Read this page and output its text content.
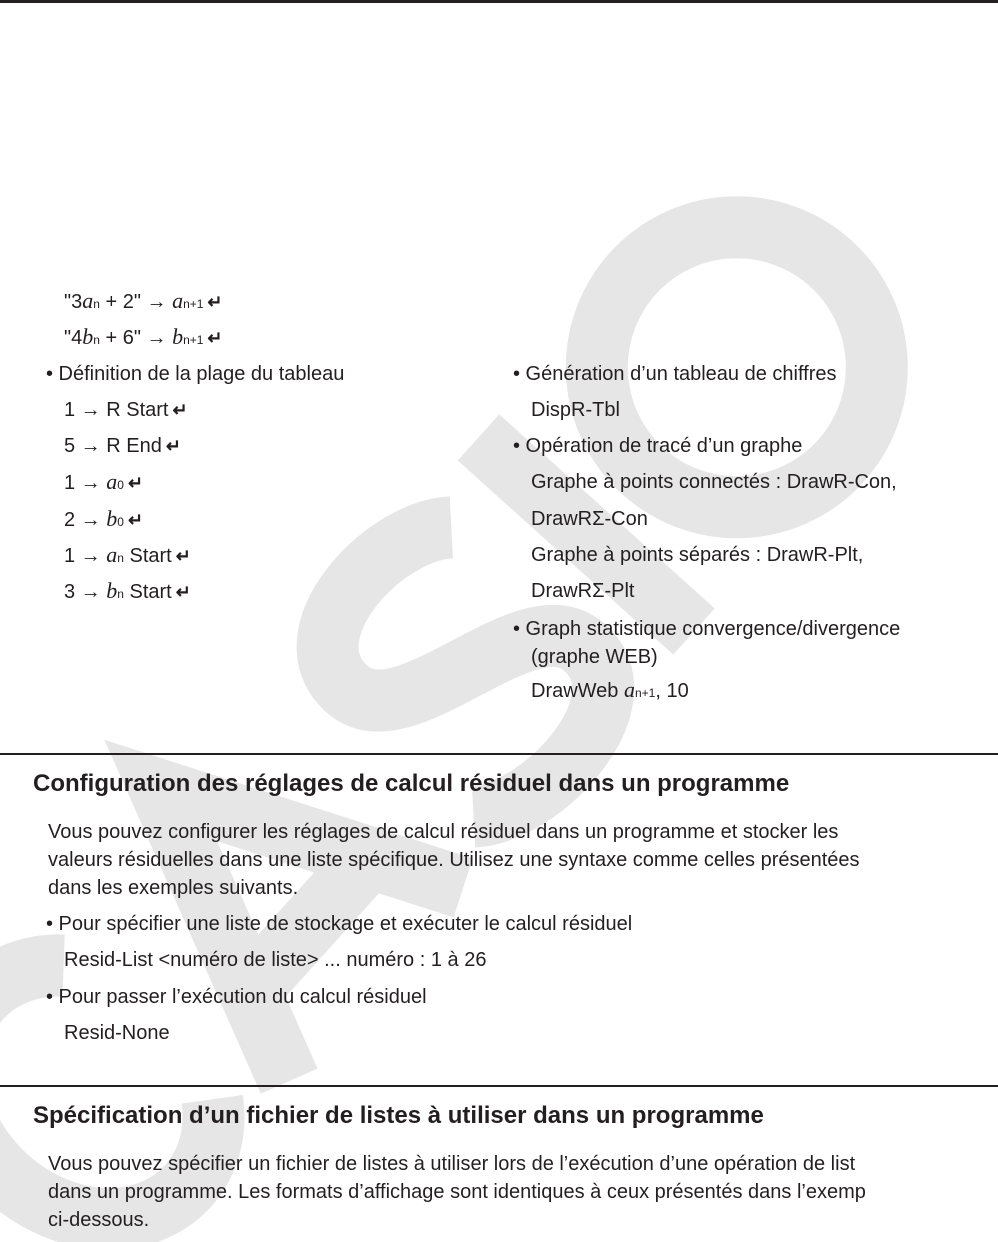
"3an + 2" → an+1 ↵
"4bn + 6" → bn+1 ↵
• Définition de la plage du tableau
1 → R Start ↵
5 → R End ↵
1 → a0 ↵
2 → b0 ↵
1 → an Start ↵
3 → bn Start ↵
• Génération d’un tableau de chiffres
DispR-Tbl
• Opération de tracé d’un graphe
Graphe à points connectés : DrawR-Con,
DrawRΣ-Con
Graphe à points séparés : DrawR-Plt,
DrawRΣ-Plt
• Graph statistique convergence/divergence
(graphe WEB)
DrawWeb an+1, 10
Configuration des réglages de calcul résiduel dans un programme
Vous pouvez configurer les réglages de calcul résiduel dans un programme et stocker les
valeurs résiduelles dans une liste spécifique. Utilisez une syntaxe comme celles présentées
dans les exemples suivants.
• Pour spécifier une liste de stockage et exécuter le calcul résiduel
Resid-List <numéro de liste> ... numéro : 1 à 26
• Pour passer l’exécution du calcul résiduel
Resid-None
Spécification d’un fichier de listes à utiliser dans un programme
Vous pouvez spécifier un fichier de listes à utiliser lors de l’exécution d’une opération de list
dans un programme. Les formats d’affichage sont identiques à ceux présentés dans l’exemp
ci-dessous.
